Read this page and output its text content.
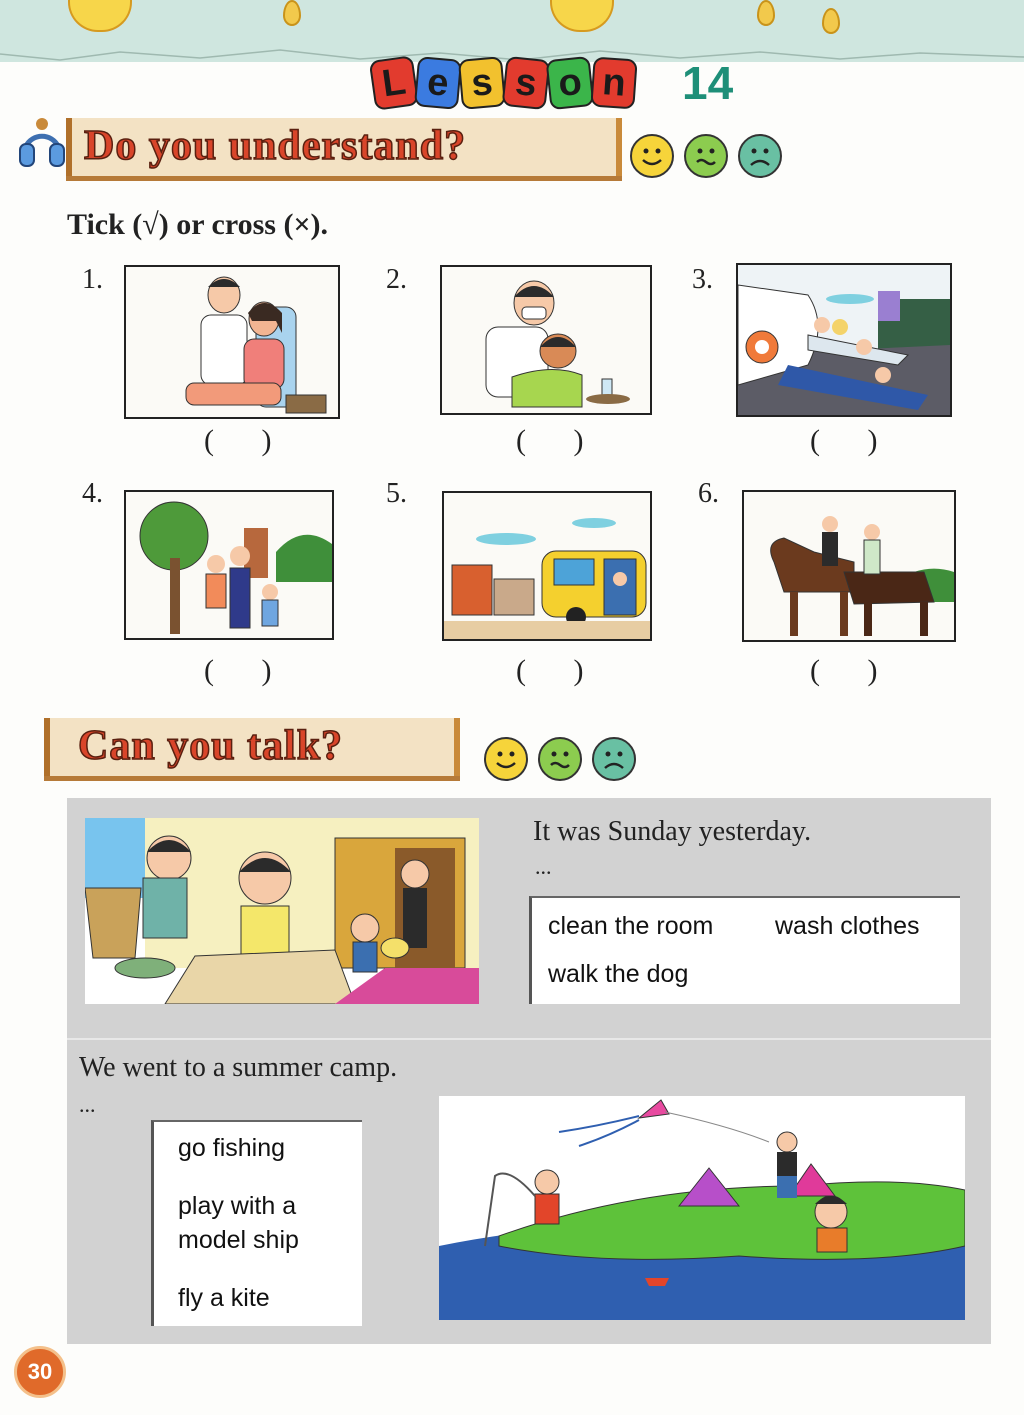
L e s s o n 14
Do you understand?
Tick (√) or cross (×).
1.
( )
2.
( )
3.
( )
4.
( )
5.
( )
6.
( )
Can you talk?
It was Sunday yesterday.
...
clean the room wash clothes
walk the dog
We went to a summer camp.
...
go fishing
play with a
model ship
fly a kite
30
